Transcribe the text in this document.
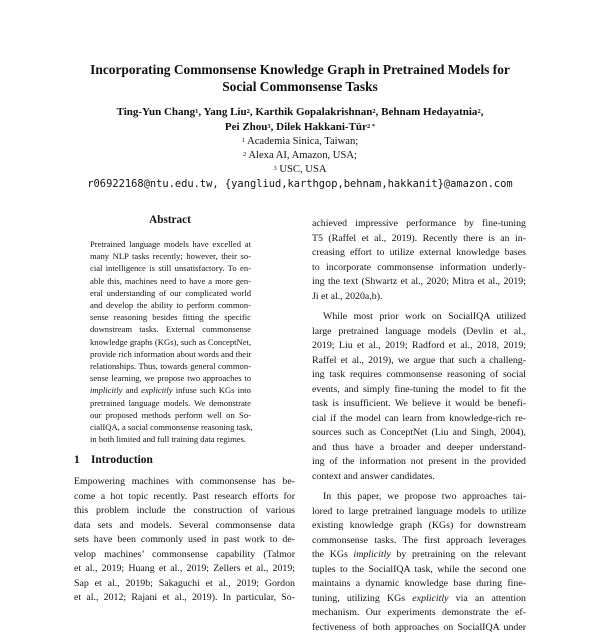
Incorporating Commonsense Knowledge Graph in Pretrained Models for
Social Commonsense Tasks
Ting-Yun Chang$^1$, Yang Liu$^2$, Karthik Gopalakrishnan$^2$, Behnam Hedayatnia$^2$,
Pei Zhou$^3$, Dilek Hakkani-Tür$^{2 *}$
$^1$ Academia Sinica, Taiwan;
$^2$ Alexa AI, Amazon, USA;
$^3$ USC, USA
r06922168@ntu.edu.tw, {yangliud,karthgop,behnam,hakkanit}@amazon.com
Abstract
Pretrained language models have excelled at
many NLP tasks recently; however, their so-
cial intelligence is still unsatisfactory. To en-
able this, machines need to have a more gen-
eral understanding of our complicated world
and develop the ability to perform common-
sense reasoning besides fitting the specific
downstream tasks. External commonsense
knowledge graphs (KGs), such as ConceptNet,
provide rich information about words and their
relationships. Thus, towards general common-
sense learning, we propose two approaches to
implicitly and explicitly infuse such KGs into
pretrained language models. We demonstrate
our proposed methods perform well on So-
cialIQA, a social commonsense reasoning task,
in both limited and full training data regimes.
1 Introduction
Empowering machines with commonsense has be-
come a hot topic recently. Past research efforts for
this problem include the construction of various
data sets and models. Several commonsense data
sets have been commonly used in past work to de-
velop machines’ commonsense capability (Talmor
et al., 2019; Huang et al., 2019; Zellers et al., 2019;
Sap et al., 2019b; Sakaguchi et al., 2019; Gordon
et al., 2012; Rajani et al., 2019). In particular, So-
achieved impressive performance by fine-tuning
T5 (Raffel et al., 2019). Recently there is an in-
creasing effort to utilize external knowledge bases
to incorporate commonsense information underly-
ing the text (Shwartz et al., 2020; Mitra et al., 2019;
Ji et al., 2020a,b).
While most prior work on SocialIQA utilized
large pretrained language models (Devlin et al.,
2019; Liu et al., 2019; Radford et al., 2018, 2019;
Raffel et al., 2019), we argue that such a challeng-
ing task requires commonsense reasoning of social
events, and simply fine-tuning the model to fit the
task is insufficient. We believe it would be benefi-
cial if the model can learn from knowledge-rich re-
sources such as ConceptNet (Liu and Singh, 2004),
and thus have a broader and deeper understand-
ing of the information not present in the provided
context and answer candidates.
In this paper, we propose two approaches tai-
lored to large pretrained language models to utilize
existing knowledge graph (KGs) for downstream
commonsense tasks. The first approach leverages
the KGs implicitly by pretraining on the relevant
tuples to the SocialIQA task, while the second one
maintains a dynamic knowledge base during fine-
tuning, utilizing KGs explicitly via an attention
mechanism. Our experiments demonstrate the ef-
fectiveness of both approaches on SocialIQA under
